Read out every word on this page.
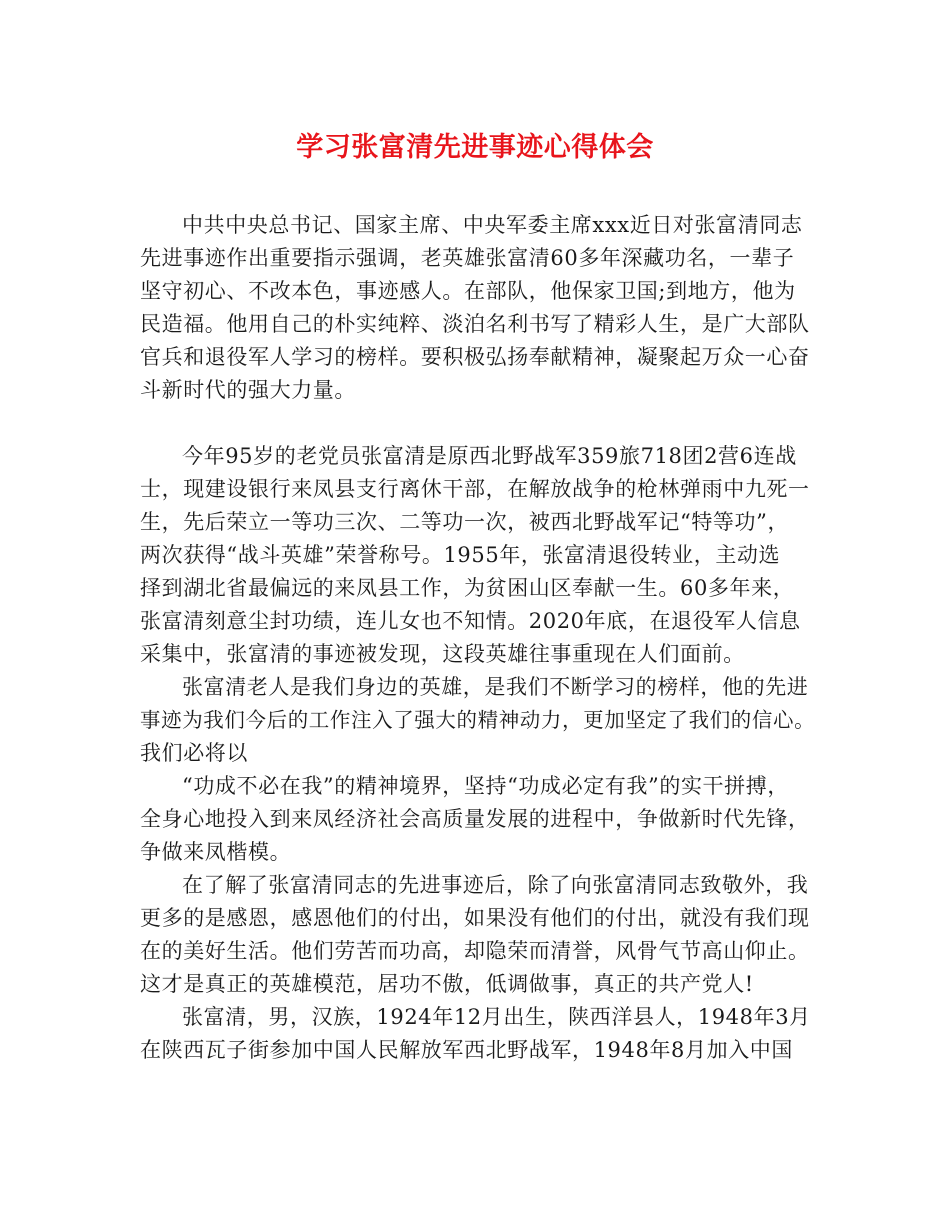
学习张富清先进事迹心得体会
中共中央总书记、国家主席、中央军委主席xxx近日对张富清同志
先进事迹作出重要指示强调，老英雄张富清60多年深藏功名，一辈子
坚守初心、不改本色，事迹感人。在部队，他保家卫国;到地方，他为
民造福。他用自己的朴实纯粹、淡泊名利书写了精彩人生，是广大部队
官兵和退役军人学习的榜样。要积极弘扬奉献精神，凝聚起万众一心奋
斗新时代的强大力量。
今年95岁的老党员张富清是原西北野战军359旅718团2营6连战
士，现建设银行来凤县支行离休干部，在解放战争的枪林弹雨中九死一
生，先后荣立一等功三次、二等功一次，被西北野战军记“特等功”，
两次获得“战斗英雄”荣誉称号。1955年，张富清退役转业，主动选
择到湖北省最偏远的来凤县工作，为贫困山区奉献一生。60多年来，
张富清刻意尘封功绩，连儿女也不知情。2020年底，在退役军人信息
采集中，张富清的事迹被发现，这段英雄往事重现在人们面前。
张富清老人是我们身边的英雄，是我们不断学习的榜样，他的先进
事迹为我们今后的工作注入了强大的精神动力，更加坚定了我们的信心。
我们必将以
“功成不必在我”的精神境界，坚持“功成必定有我”的实干拼搏，
全身心地投入到来凤经济社会高质量发展的进程中，争做新时代先锋，
争做来凤楷模。
在了解了张富清同志的先进事迹后，除了向张富清同志致敬外，我
更多的是感恩，感恩他们的付出，如果没有他们的付出，就没有我们现
在的美好生活。他们劳苦而功高，却隐荣而清誉，风骨气节高山仰止。
这才是真正的英雄模范，居功不傲，低调做事，真正的共产党人!
张富清，男，汉族，1924年12月出生，陕西洋县人，1948年3月
在陕西瓦子街参加中国人民解放军西北野战军，1948年8月加入中国
